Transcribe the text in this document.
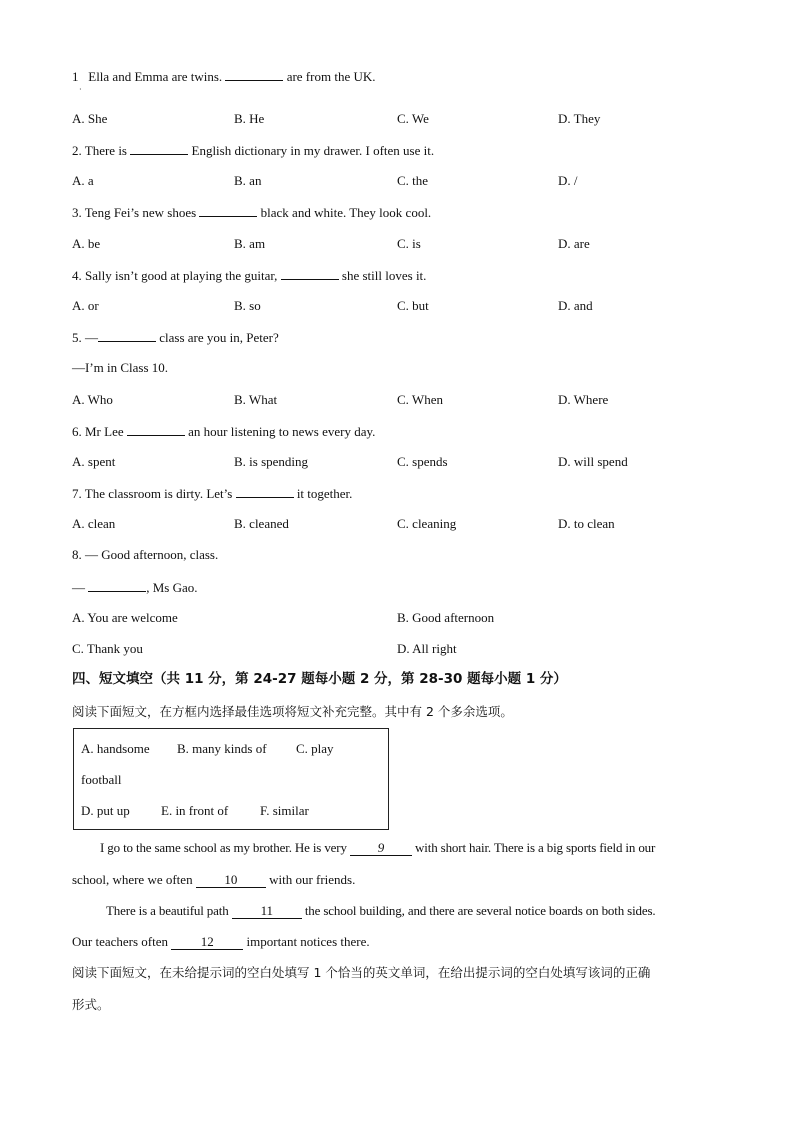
1 Ella and Emma are twins.	are from the UK.
·
A. She	B. He	C. We	D. They
2. There is	English dictionary in my drawer. I often use it.
A. a	B. an	C. the	D. /
3. Teng Fei’s new shoes	black and white. They look cool.
A. be	B. am	C. is	D. are
4. Sally isn’t good at playing the guitar,	she still loves it.
A. or	B. so	C. but	D. and
5. —	class are you in, Peter?
—I’m in Class 10.
A. Who	B. What	C. When	D. Where
6. Mr Lee	an hour listening to news every day.
A. spent	B. is spending	C. spends	D. will spend
7. The classroom is dirty. Let’s	it together.
A. clean	B. cleaned	C. cleaning	D. to clean
8. — Good afternoon, class.
—	, Ms Gao.
A. You are welcome	B. Good afternoon
C. Thank you	D. All right
四、短文填空（共 11 分，第 24-27 题每小题 2 分，第 28-30 题每小题 1 分）
阅读下面短文，在方框内选择最佳选项将短文补充完整。其中有 2 个多余选项。
A. handsome B. many kinds of C. play
football
D. put up E. in front of F. similar
I go to the same school as my brother. He is very 9 with short hair. There is a big sports field in our
school, where we often 10 with our friends.
There is a beautiful path 11 the school building, and there are several notice boards on both sides.
Our teachers often	12	important notices there.
阅读下面短文，在未给提示词的空白处填写 1 个恰当的英文单词，在给出提示词的空白处填写该词的正确
形式。
